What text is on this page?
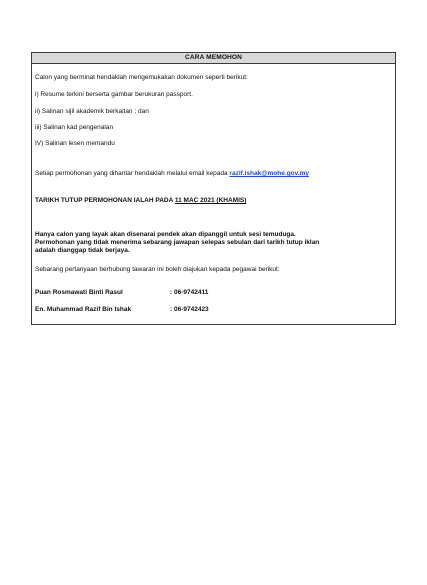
CARA MEMOHON
Calon yang berminat hendaklah mengemukakan dokumen seperti berikut:
i) Resume terkini berserta gambar berukuran passport.
ii) Salinan sijil akademik berkaitan ; dan
iii) Salinan kad pengenalan
IV) Salinan lesen memandu
Setiap permohonan yang dihantar hendaklah melalui email kepada razif.ishak@mohe.gov.my
TARIKH TUTUP PERMOHONAN IALAH PADA 11 MAC 2021 (KHAMIS)
Hanya calon yang layak akan disenarai pendek akan dipanggil untuk sesi temuduga.
Permohonan yang tidak menerima sebarang jawapan selepas sebulan dari tarikh tutup iklan
adalah dianggap tidak berjaya.
Sebarang pertanyaan berhubung tawaran ini boleh diajukan kepada pegawai berikut:
Puan Rosmawati Binti Rasul	: 06-9742411
En. Muhammad Razif Bin Ishak	: 06-9742423
